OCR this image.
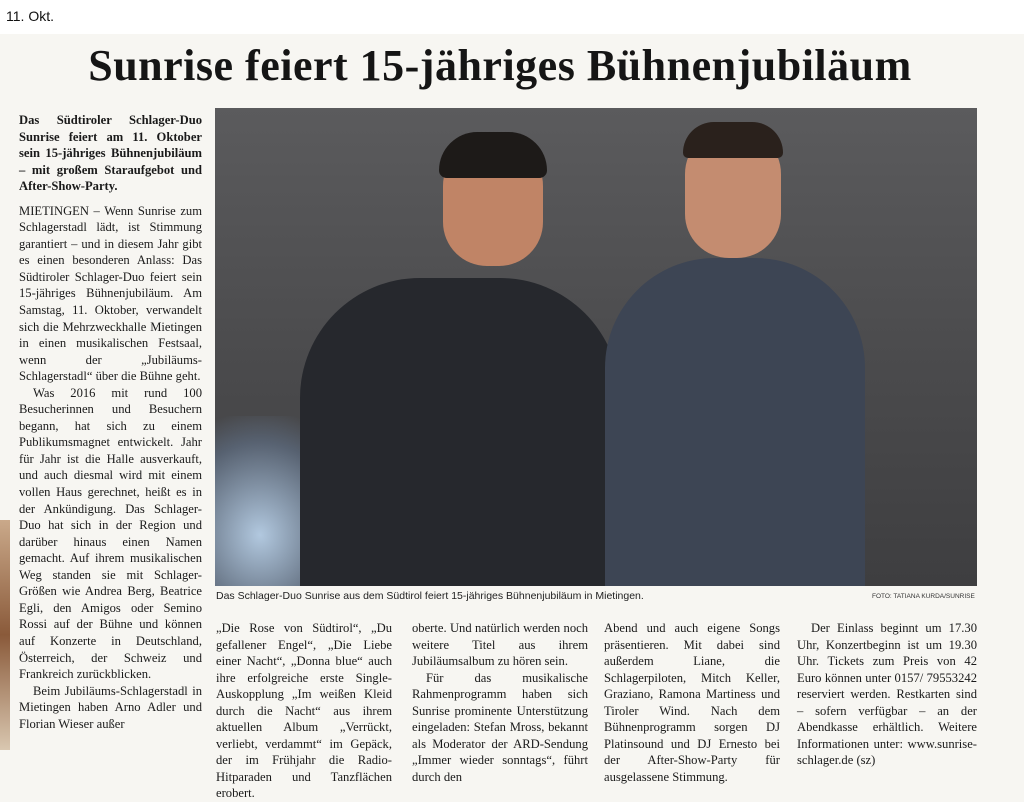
11. Okt.
Sunrise feiert 15-jähriges Bühnenjubiläum

Das Südtiroler Schlager-Duo Sunrise feiert am 11. Oktober sein 15-jähriges Bühnenjubiläum – mit großem Staraufgebot und After-Show-Party.

MIETINGEN – Wenn Sunrise zum Schlagerstadl lädt, ist Stimmung garantiert – und in diesem Jahr gibt es einen besonderen Anlass: Das Südtiroler Schlager-Duo feiert sein 15-jähriges Bühnenjubiläum. Am Samstag, 11. Oktober, verwandelt sich die Mehrzweckhalle Mietingen in einen musikalischen Festsaal, wenn der „Jubiläums-Schlagerstadl“ über die Bühne geht.

Was 2016 mit rund 100 Besucherinnen und Besuchern begann, hat sich zu einem Publikumsmagnet entwickelt. Jahr für Jahr ist die Halle ausverkauft, und auch diesmal wird mit einem vollen Haus gerechnet, heißt es in der Ankündigung. Das Schlager-Duo hat sich in der Region und darüber hinaus einen Namen gemacht. Auf ihrem musikalischen Weg standen sie mit Schlager-Größen wie Andrea Berg, Beatrice Egli, den Amigos oder Semino Rossi auf der Bühne und können auf Konzerte in Deutschland, Österreich, der Schweiz und Frankreich zurückblicken.

Beim Jubiläums-Schlagerstadl in Mietingen haben Arno Adler und Florian Wieser außer

Das Schlager-Duo Sunrise aus dem Südtirol feiert 15-jähriges Bühnenjubiläum in Mietingen.	FOTO: TATIANA KURDA/SUNRISE

„Die Rose von Südtirol“, „Du gefallener Engel“, „Die Liebe einer Nacht“, „Donna blue“ auch ihre erfolgreiche erste Single-Auskopplung „Im weißen Kleid durch die Nacht“ aus ihrem aktuellen Album „Verrückt, verliebt, verdammt“ im Gepäck, der im Frühjahr die Radio-Hitparaden und Tanzflächen erobert.

oberte. Und natürlich werden noch weitere Titel aus ihrem Jubiläumsalbum zu hören sein.

Für das musikalische Rahmenprogramm haben sich Sunrise prominente Unterstützung eingeladen: Stefan Mross, bekannt als Moderator der ARD-Sendung „Immer wieder sonntags“, führt durch den

Abend und auch eigene Songs präsentieren. Mit dabei sind außerdem Liane, die Schlagerpiloten, Mitch Keller, Graziano, Ramona Martiness und Tiroler Wind. Nach dem Bühnenprogramm sorgen DJ Platinsound und DJ Ernesto bei der After-Show-Party für ausgelassene Stimmung.

Der Einlass beginnt um 17.30 Uhr, Konzertbeginn ist um 19.30 Uhr. Tickets zum Preis von 42 Euro können unter 0157/ 79553242 reserviert werden. Restkarten sind – sofern verfügbar – an der Abendkasse erhältlich. Weitere Informationen unter: www.sunrise-schlager.de (sz)
